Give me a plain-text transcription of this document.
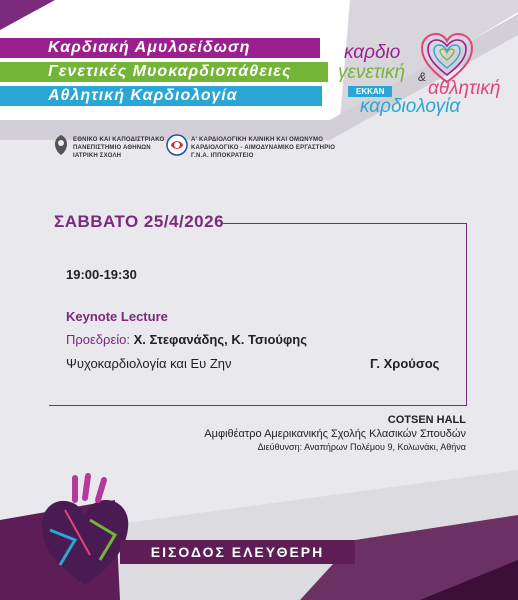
Καρδιακή Αμυλοείδωση
Γενετικές Μυοκαρδιοπάθειες
Αθλητική Καρδιολογία
καρδιο
γενετική &
αθλητική
ΕΚΚΑΝ
καρδιολογία
ΕΘΝΙΚΟ ΚΑΙ ΚΑΠΟΔΙΣΤΡΙΑΚΟ
ΠΑΝΕΠΙΣΤΗΜΙΟ ΑΘΗΝΩΝ
ΙΑΤΡΙΚΗ ΣΧΟΛΗ
Α' ΚΑΡΔΙΟΛΟΓΙΚΗ ΚΛΙΝΙΚΗ ΚΑΙ ΟΜΩΝΥΜΟ
ΚΑΡΔΙΟΛΟΓΙΚΟ - ΑΙΜΟΔΥΝΑΜΙΚΟ ΕΡΓΑΣΤΗΡΙΟ
Γ.Ν.Α. ΙΠΠΟΚΡΑΤΕΙΟ
ΣΑΒΒΑΤΟ 25/4/2026
19:00-19:30
Keynote Lecture
Προεδρείο: Χ. Στεφανάδης, Κ. Τσιούφης
Ψυχοκαρδιολογία και Ευ Ζην	Γ. Χρούσος
COTSEN HALL
Αμφιθέατρο Αμερικανικής Σχολής Κλασικών Σπουδών
Διεύθυνση: Αναπήρων Πολέμου 9, Κολωνάκι, Αθήνα
ΕΙΣΟΔΟΣ ΕΛΕΥΘΕΡΗ
